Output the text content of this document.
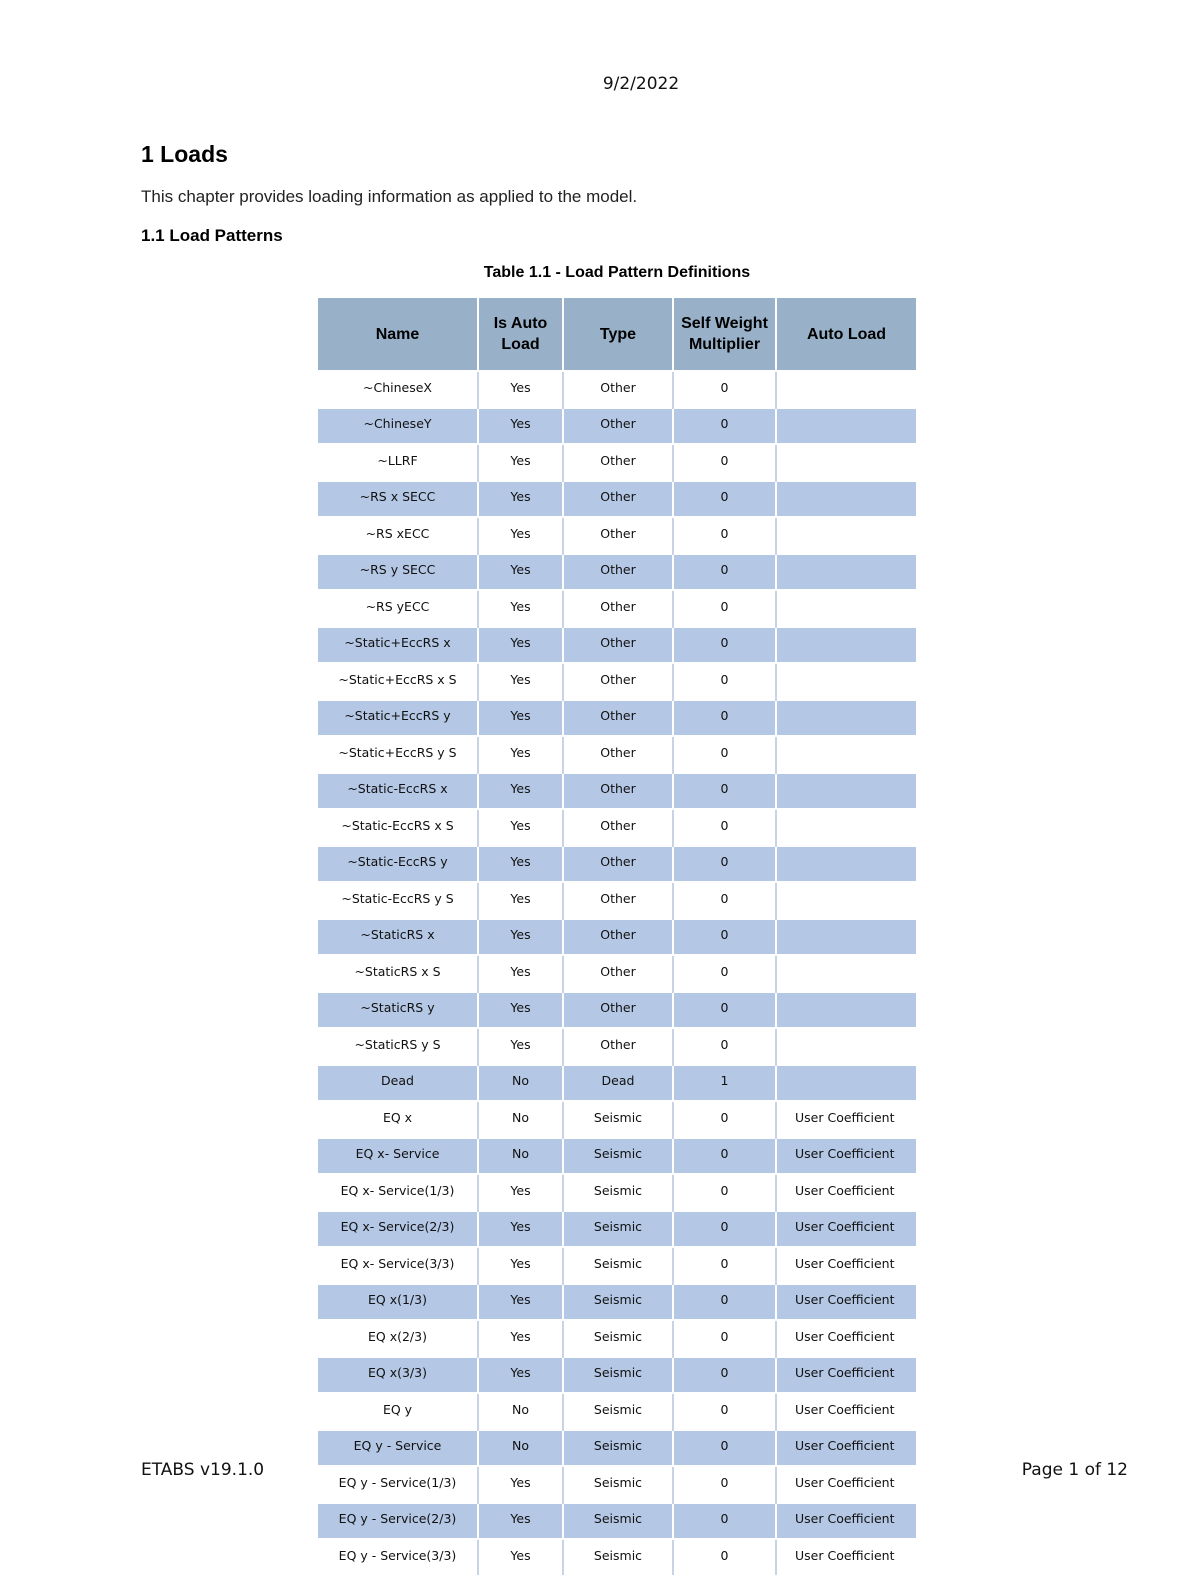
9/2/2022
1 Loads
This chapter provides loading information as applied to the model.
1.1 Load Patterns
Table 1.1 - Load Pattern Definitions
Name	Is Auto Load	Type	Self Weight Multiplier	Auto Load
~ChineseX	Yes	Other	0	
~ChineseY	Yes	Other	0	
~LLRF	Yes	Other	0	
~RS x SECC	Yes	Other	0	
~RS xECC	Yes	Other	0	
~RS y SECC	Yes	Other	0	
~RS yECC	Yes	Other	0	
~Static+EccRS x	Yes	Other	0	
~Static+EccRS x S	Yes	Other	0	
~Static+EccRS y	Yes	Other	0	
~Static+EccRS y S	Yes	Other	0	
~Static-EccRS x	Yes	Other	0	
~Static-EccRS x S	Yes	Other	0	
~Static-EccRS y	Yes	Other	0	
~Static-EccRS y S	Yes	Other	0	
~StaticRS x	Yes	Other	0	
~StaticRS x S	Yes	Other	0	
~StaticRS y	Yes	Other	0	
~StaticRS y S	Yes	Other	0	
Dead	No	Dead	1	
EQ x	No	Seismic	0	User Coefficient
EQ x- Service	No	Seismic	0	User Coefficient
EQ x- Service(1/3)	Yes	Seismic	0	User Coefficient
EQ x- Service(2/3)	Yes	Seismic	0	User Coefficient
EQ x- Service(3/3)	Yes	Seismic	0	User Coefficient
EQ x(1/3)	Yes	Seismic	0	User Coefficient
EQ x(2/3)	Yes	Seismic	0	User Coefficient
EQ x(3/3)	Yes	Seismic	0	User Coefficient
EQ y	No	Seismic	0	User Coefficient
EQ y - Service	No	Seismic	0	User Coefficient
EQ y - Service(1/3)	Yes	Seismic	0	User Coefficient
EQ y - Service(2/3)	Yes	Seismic	0	User Coefficient
EQ y - Service(3/3)	Yes	Seismic	0	User Coefficient
ETABS v19.1.0	Page 1 of 12
